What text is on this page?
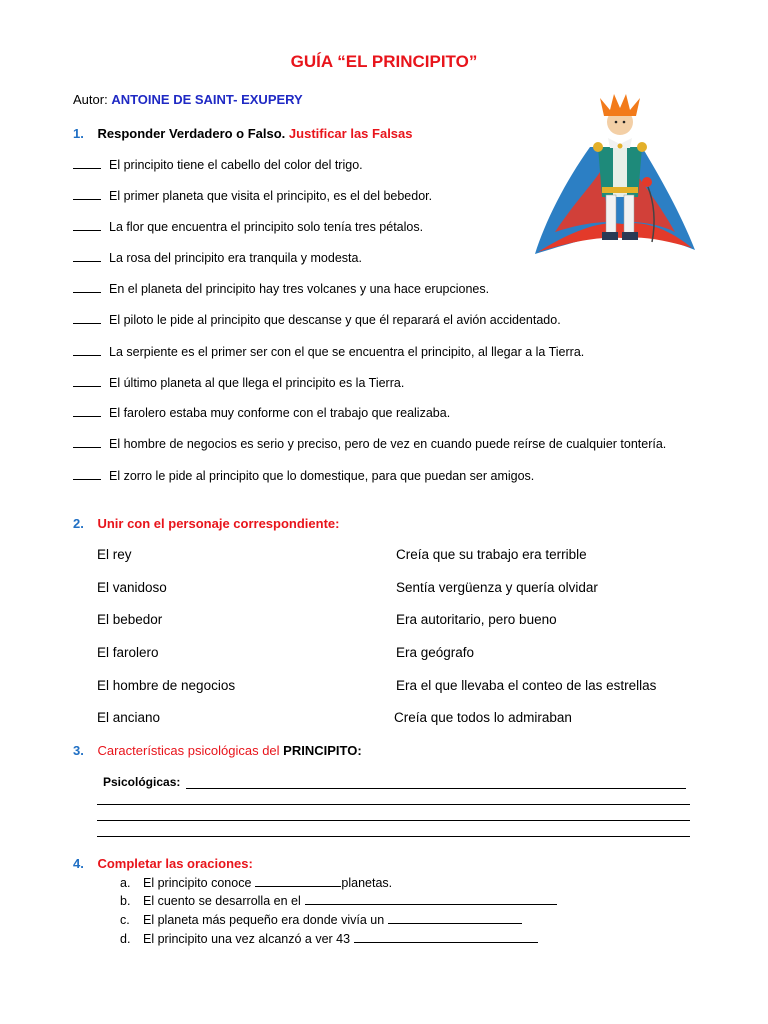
GUÍA “EL PRINCIPITO”
Autor: ANTOINE DE SAINT- EXUPERY
1. Responder Verdadero o Falso. Justificar las Falsas
El principito tiene el cabello del color del trigo.
El primer planeta que visita el principito, es el del bebedor.
La flor que encuentra el principito solo tenía tres pétalos.
La rosa del principito era tranquila y modesta.
En el planeta del principito hay tres volcanes y una hace erupciones.
El piloto le pide al principito que descanse y que él reparará el avión accidentado.
La serpiente es el primer ser con el que se encuentra el principito, al llegar a la Tierra.
El último planeta al que llega el principito es la Tierra.
El farolero estaba muy conforme con el trabajo que realizaba.
El hombre de negocios es serio y preciso, pero de vez en cuando puede reírse de cualquier tontería.
El zorro le pide al principito que lo domestique, para que puedan ser amigos.
2. Unir con el personaje correspondiente:
El rey	Creía que su trabajo era terrible
El vanidoso	Sentía vergüenza y quería olvidar
El bebedor	Era autoritario, pero bueno
El farolero	Era geógrafo
El hombre de negocios	Era el que llevaba el conteo de las estrellas
El anciano	Creía que todos lo admiraban
3. Características psicológicas del PRINCIPITO:
Psicológicas:
4. Completar las oraciones:
a. El principito conoce	planetas.
b. El cuento se desarrolla en el
c. El planeta más pequeño era donde vivía un
d. El principito una vez alcanzó a ver 43
